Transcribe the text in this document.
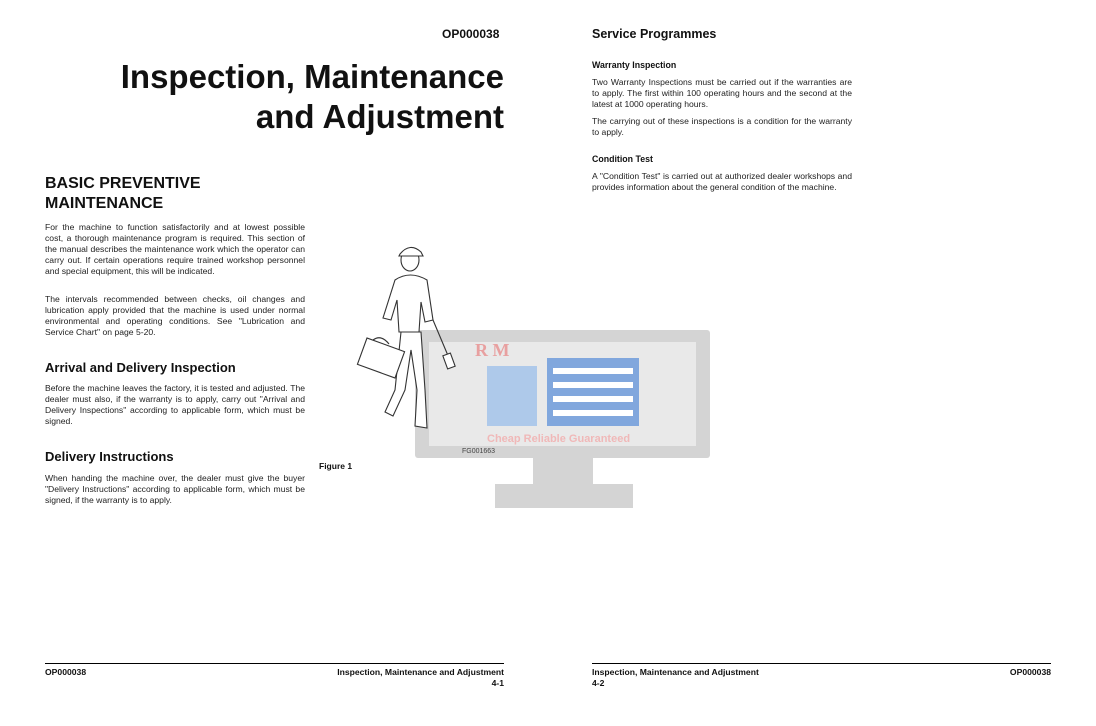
OP000038
Inspection, Maintenance
and Adjustment
BASIC PREVENTIVE
MAINTENANCE
For the machine to function satisfactorily and at lowest possible cost, a thorough maintenance program is required. This section of the manual describes the maintenance work which the operator can carry out. If certain operations require trained workshop personnel and special equipment, this will be indicated.
The intervals recommended between checks, oil changes and lubrication apply provided that the machine is used under normal environmental and operating conditions. See "Lubrication and Service Chart" on page 5-20.
Arrival and Delivery Inspection
Before the machine leaves the factory, it is tested and adjusted. The dealer must also, if the warranty is to apply, carry out "Arrival and Delivery Inspections" according to applicable form, which must be signed.
Delivery Instructions
When handing the machine over, the dealer must give the buyer "Delivery Instructions" according to applicable form, which must be signed, if the warranty is to apply.
R M
Cheap Reliable Guaranteed
FG001663
Figure 1
Service Programmes
Warranty Inspection
Two Warranty Inspections must be carried out if the warranties are to apply. The first within 100 operating hours and the second at the latest at 1000 operating hours.
The carrying out of these inspections is a condition for the warranty to apply.
Condition Test
A "Condition Test" is carried out at authorized dealer workshops and provides information about the general condition of the machine.
OP000038	Inspection, Maintenance and Adjustment
4-1
Inspection, Maintenance and Adjustment
4-2
OP000038
